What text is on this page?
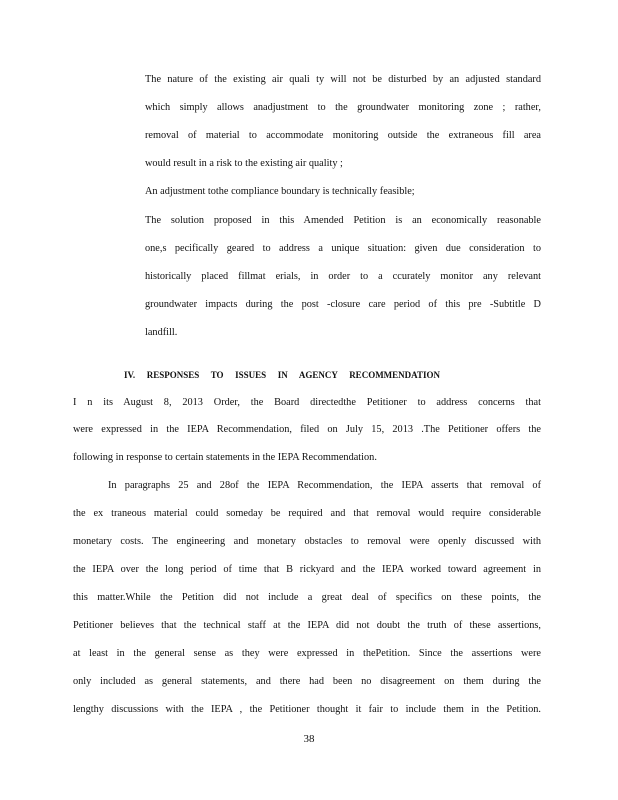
The nature of the existing air quali ty will not be disturbed by an adjusted standard
which simply allows anadjustment to the groundwater monitoring zone ; rather,
removal of material to accommodate monitoring outside the extraneous fill area
would result in a risk to the existing air quality ;
An adjustment tothe compliance boundary is technically feasible;
The solution proposed in this Amended Petition is an economically reasonable
one,s pecifically geared to address a unique situation: given due consideration to
historically placed fillmat erials, in order to a ccurately monitor any relevant
groundwater impacts during the post -closure care period of this pre -Subtitle D
landfill.
IV. RESPONSES TO ISSUES IN AGENCY RECOMMENDATION
I n its August 8, 2013 Order, the Board directedthe Petitioner to address concerns that
were expressed in the IEPA Recommendation, filed on July 15, 2013 .The Petitioner offers the
following in response to certain statements in the IEPA Recommendation.
In paragraphs 25 and 28of the IEPA Recommendation, the IEPA asserts that removal of
the ex traneous material could someday be required and that removal would require considerable
monetary costs. The engineering and monetary obstacles to removal were openly discussed with
the IEPA over the long period of time that B rickyard and the IEPA worked toward agreement in
this matter.While the Petition did not include a great deal of specifics on these points, the
Petitioner believes that the technical staff at the IEPA did not doubt the truth of these assertions,
at least in the general sense as they were expressed in thePetition. Since the assertions were
only included as general statements, and there had been no disagreement on them during the
lengthy discussions with the IEPA , the Petitioner thought it fair to include them in the Petition.
38
